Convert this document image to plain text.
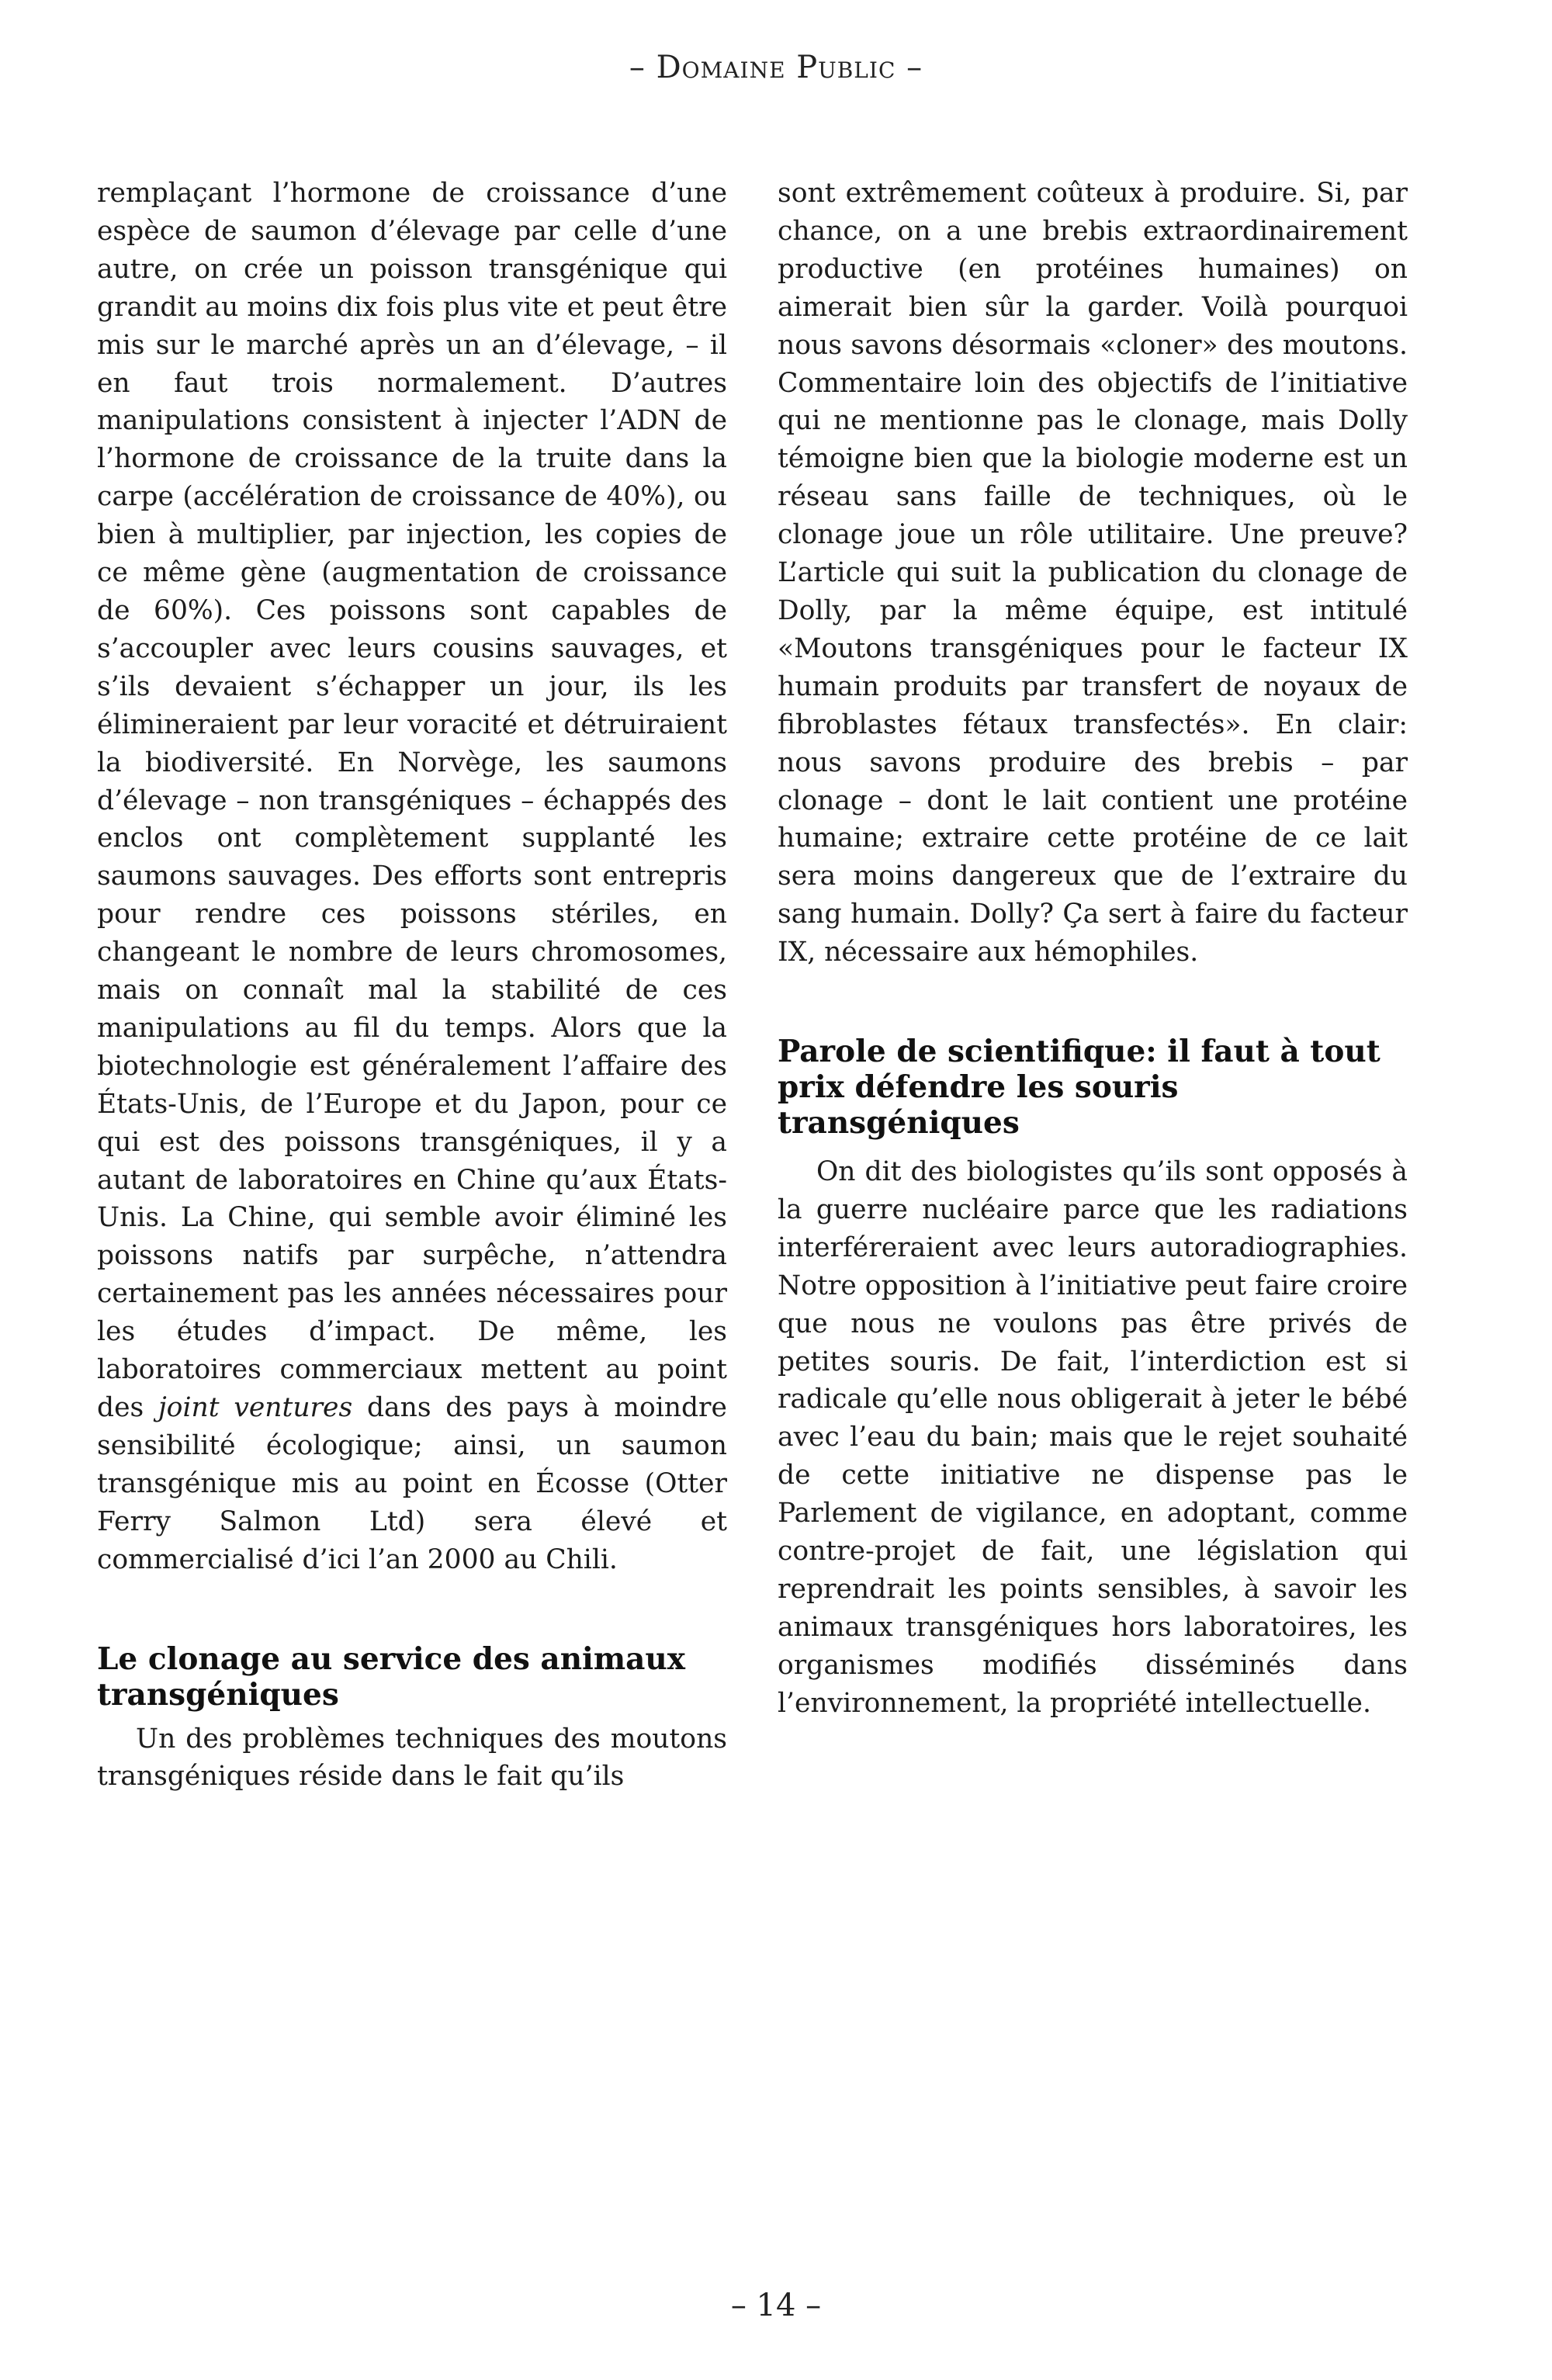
– Domaine Public –

remplaçant l’hormone de croissance d’une espèce de saumon d’élevage par celle d’une autre, on crée un poisson transgénique qui grandit au moins dix fois plus vite et peut être mis sur le marché après un an d’élevage, – il en faut trois normalement. D’autres manipulations consistent à injecter l’ADN de l’hormone de croissance de la truite dans la carpe (accélération de croissance de 40%), ou bien à multiplier, par injection, les copies de ce même gène (augmentation de croissance de 60%). Ces poissons sont capables de s’accoupler avec leurs cousins sauvages, et s’ils devaient s’échapper un jour, ils les élimineraient par leur voracité et détruiraient la biodiversité. En Norvège, les saumons d’élevage – non transgéniques – échappés des enclos ont complètement supplanté les saumons sauvages. Des efforts sont entrepris pour rendre ces poissons stériles, en changeant le nombre de leurs chromosomes, mais on connaît mal la stabilité de ces manipulations au fil du temps. Alors que la biotechnologie est généralement l’affaire des États-Unis, de l’Europe et du Japon, pour ce qui est des poissons transgéniques, il y a autant de laboratoires en Chine qu’aux États-Unis. La Chine, qui semble avoir éliminé les poissons natifs par surpêche, n’attendra certainement pas les années nécessaires pour les études d’impact. De même, les laboratoires commerciaux mettent au point des joint ventures dans des pays à moindre sensibilité écologique; ainsi, un saumon transgénique mis au point en Écosse (Otter Ferry Salmon Ltd) sera élevé et commercialisé d’ici l’an 2000 au Chili.

Le clonage au service des animaux transgéniques

Un des problèmes techniques des moutons transgéniques réside dans le fait qu’ils

sont extrêmement coûteux à produire. Si, par chance, on a une brebis extraordinairement productive (en protéines humaines) on aimerait bien sûr la garder. Voilà pourquoi nous savons désormais «cloner» des moutons. Commentaire loin des objectifs de l’initiative qui ne mentionne pas le clonage, mais Dolly témoigne bien que la biologie moderne est un réseau sans faille de techniques, où le clonage joue un rôle utilitaire. Une preuve? L’article qui suit la publication du clonage de Dolly, par la même équipe, est intitulé «Moutons transgéniques pour le facteur IX humain produits par transfert de noyaux de fibroblastes fétaux transfectés». En clair: nous savons produire des brebis – par clonage – dont le lait contient une protéine humaine; extraire cette protéine de ce lait sera moins dangereux que de l’extraire du sang humain. Dolly? Ça sert à faire du facteur IX, nécessaire aux hémophiles.

Parole de scientifique: il faut à tout prix défendre les souris transgéniques

On dit des biologistes qu’ils sont opposés à la guerre nucléaire parce que les radiations interféreraient avec leurs autoradiographies. Notre opposition à l’initiative peut faire croire que nous ne voulons pas être privés de petites souris. De fait, l’interdiction est si radicale qu’elle nous obligerait à jeter le bébé avec l’eau du bain; mais que le rejet souhaité de cette initiative ne dispense pas le Parlement de vigilance, en adoptant, comme contre-projet de fait, une législation qui reprendrait les points sensibles, à savoir les animaux transgéniques hors laboratoires, les organismes modifiés disséminés dans l’environnement, la propriété intellectuelle.

– 14 –
